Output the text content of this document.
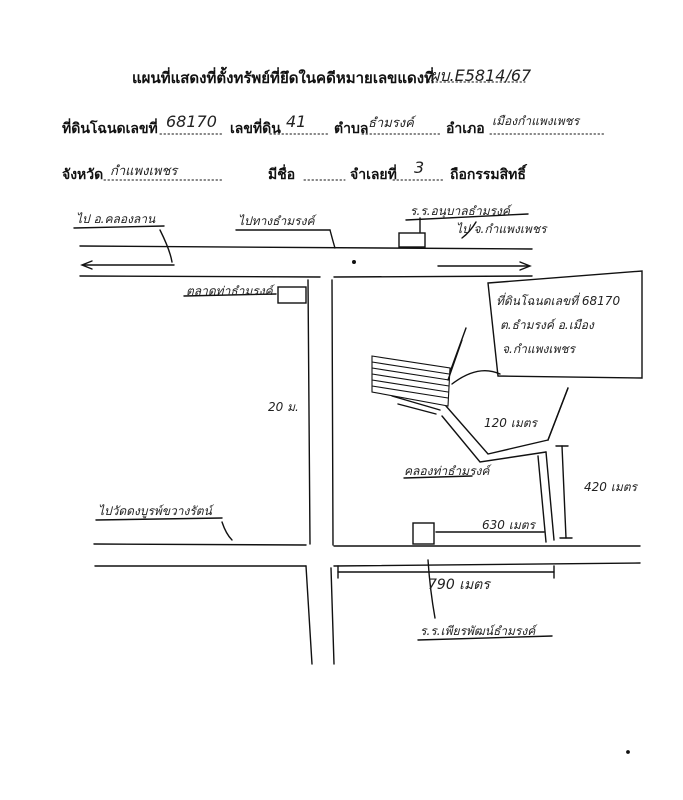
แผนที่แสดงที่ตั้งทรัพย์ที่ยึดในคดีหมายเลขแดงที่
ผบ.E5814/67
ที่ดินโฉนดเลขที่ 68170 เลขที่ดิน 41 ตำบล ธำมรงค์ อำเภอ เมืองกำแพงเพชร
จังหวัด กำแพงเพชร	มีชื่อ	จำเลยที่ 3 ถือกรรมสิทธิ์
ไป อ.คลองลาน	ไปทางธำมรงค์
ร.ร.อนุบาลธำมรงค์
ไป จ.กำแพงเพชร
ตลาดท่าธำมรงค์
20 ม.
ไปวัดดงบูรพ์ขวางรัตน์
ที่ดินโฉนดเลขที่ 68170
ต.ธำมรงค์ อ.เมือง
จ.กำแพงเพชร
120 เมตร
420 เมตร
630 เมตร
790 เมตร
คลองท่าธำมรงค์
ร.ร.เพียรพัฒน์ธำมรงค์
